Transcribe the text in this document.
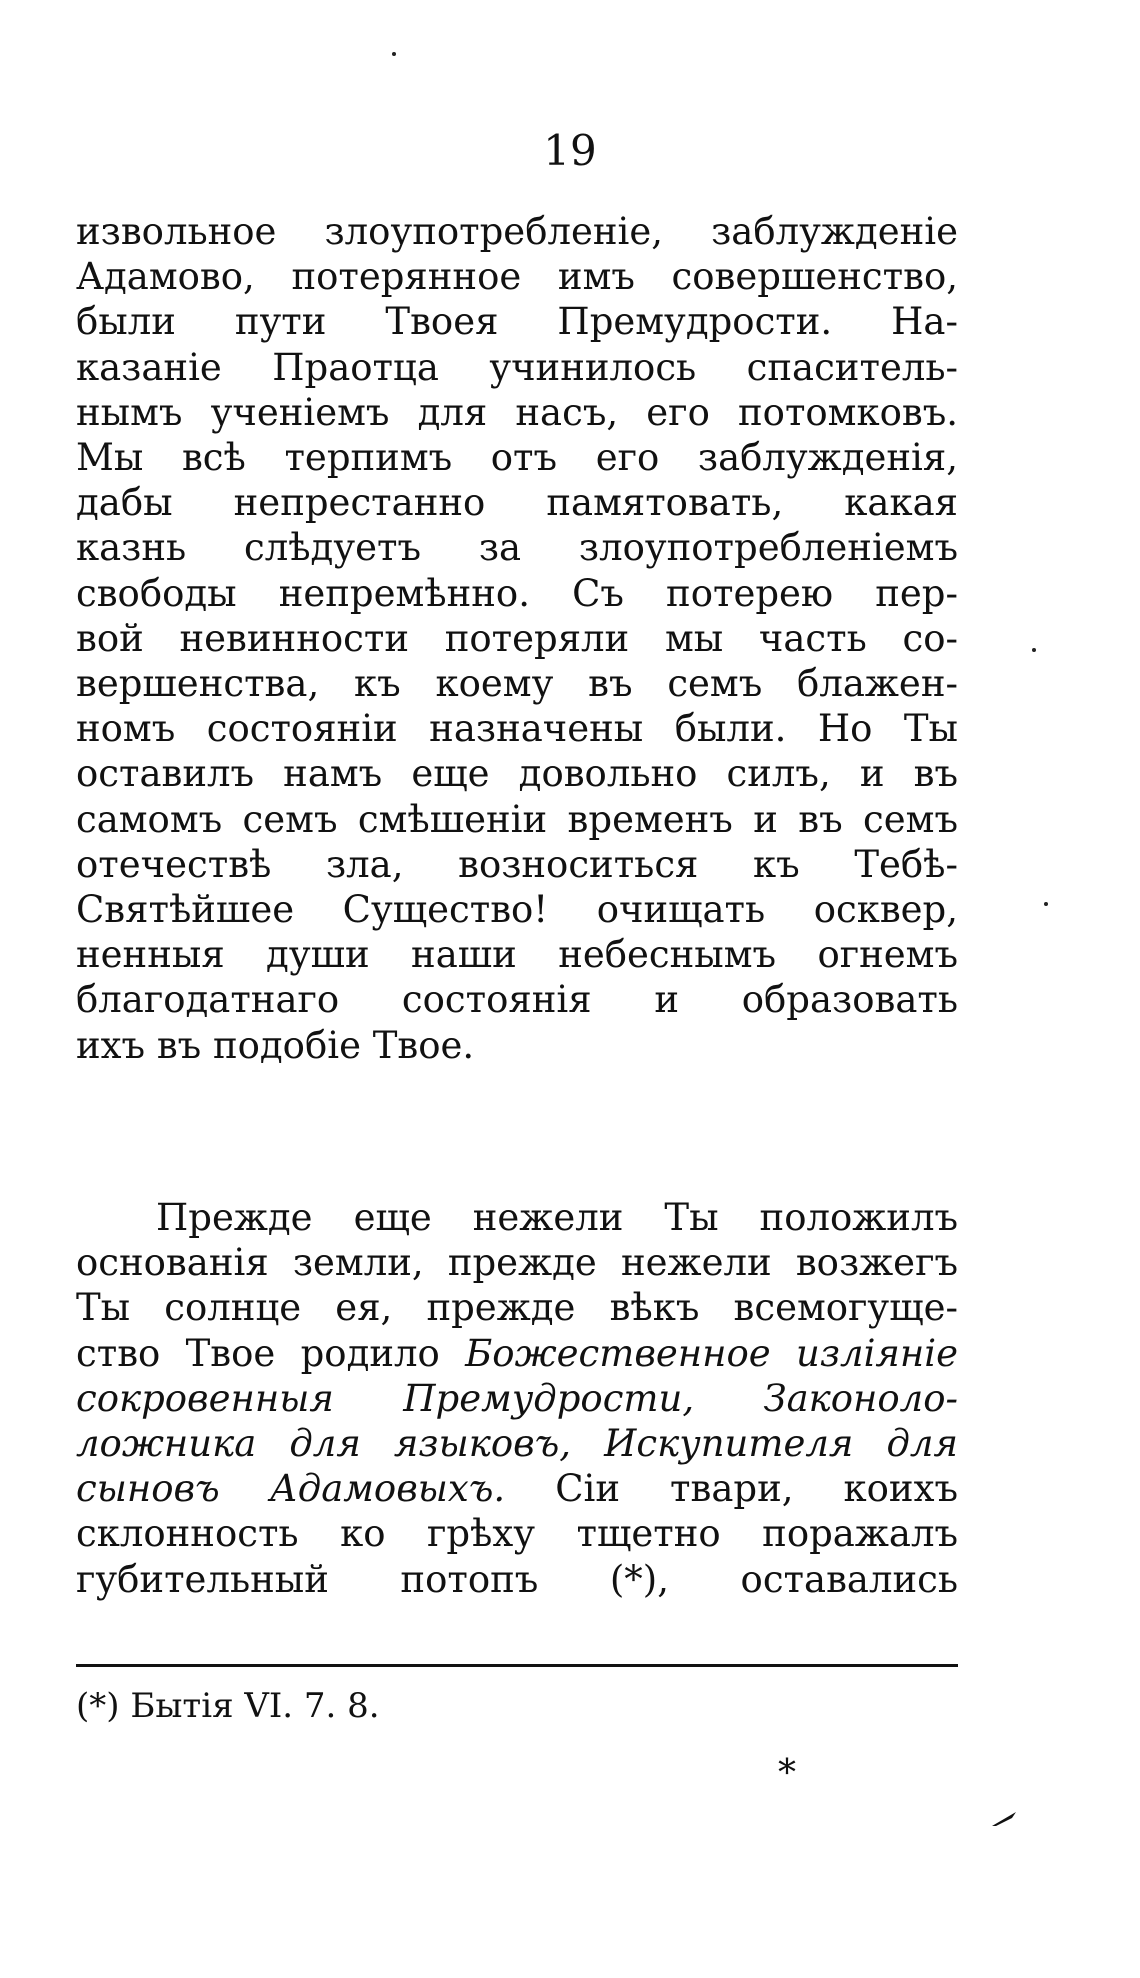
19
извольное злоупотребленіе, заблужденіе
Адамово, потерянное имъ совершенство,
были пути Твоея Премудрости. На-
казаніе Праотца учинилось спаситель-
нымъ ученіемъ для насъ, его потомковъ.
Мы всѣ терпимъ отъ его заблужденія,
дабы непрестанно памятовать, какая
казнь слѣдуетъ за злоупотребленіемъ
свободы непремѣнно. Съ потерею пер-
вой невинности потеряли мы часть со-
вершенства, къ коему въ семъ блажен-
номъ состояніи назначены были. Но Ты
оставилъ намъ еще довольно силъ, и въ
самомъ семъ смѣшеніи временъ и въ семъ
отечествѣ зла, возноситься къ Тебѣ-
Святѣйшее Существо! очищать осквер,
ненныя души наши небеснымъ огнемъ
благодатнаго состоянія и образовать
ихъ въ подобіе Твое.
Прежде еще нежели Ты положилъ
основанія земли, прежде нежели возжегъ
Ты солнце ея, прежде вѣкъ всемогуще-
ство Твое родило Божественное изліяніе
сокровенныя Премудрости, Законоло-
ложника для языковъ, Искупителя для
сыновъ Адамовыхъ. Сіи твари, коихъ
склонность ко грѣху тщетно поражалъ
губительный потопъ (*), оставались
(*) Бытія VI. 7. 8.
*
